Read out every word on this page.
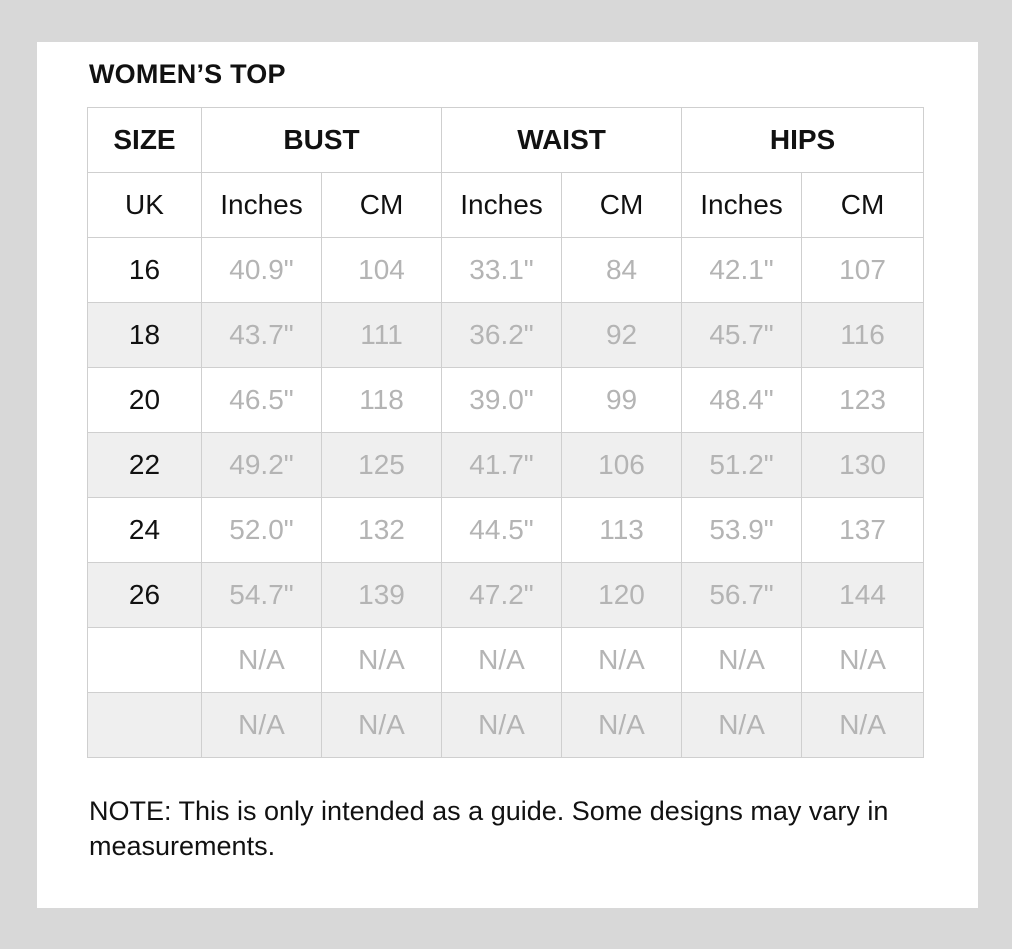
WOMEN’S TOP
SIZE	BUST		WAIST		HIPS	
UK	Inches	CM	Inches	CM	Inches	CM
16	40.9"	104	33.1"	84	42.1"	107
18	43.7"	111	36.2"	92	45.7"	116
20	46.5"	118	39.0"	99	48.4"	123
22	49.2"	125	41.7"	106	51.2"	130
24	52.0"	132	44.5"	113	53.9"	137
26	54.7"	139	47.2"	120	56.7"	144
	N/A	N/A	N/A	N/A	N/A	N/A
	N/A	N/A	N/A	N/A	N/A	N/A

NOTE: This is only intended as a guide. Some designs may vary in measurements.
